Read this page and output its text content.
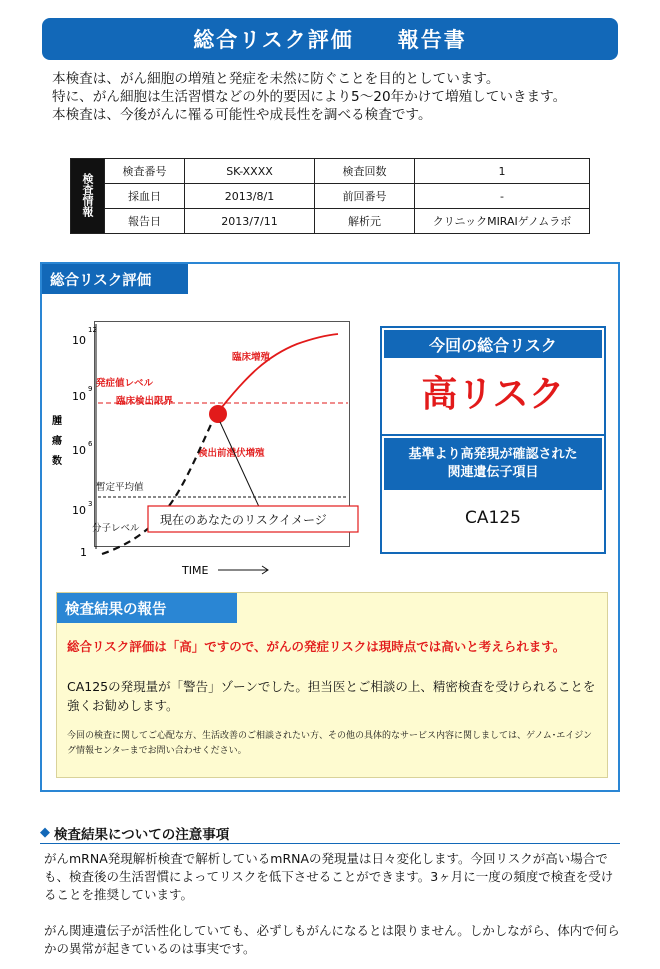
総合リスク評価 報告書
本検査は、がん細胞の増殖と発症を未然に防ぐことを目的としています。
特に、がん細胞は生活習慣などの外的要因により5～20年かけて増殖していきます。
本検査は、今後がんに罹る可能性や成長性を調べる検査です。
検査情報	検査番号	SK-XXXX	検査回数	1
	採血日	2013/8/1	前回番号	-
	報告日	2013/7/11	解析元	クリニックMIRAIゲノムラボ
総合リスク評価
腫
瘍
数
10
12
10
9
10 6
10 3
1
発症値レベル
臨床検出限界
暫定平均値
分子レベル
臨床増殖
検出前潜伏増殖
現在のあなたのリスクイメージ
TIME
今回の総合リスク
高リスク
基準より高発現が確認された
関連遺伝子項目
CA125
検査結果の報告
総合リスク評価は「高」ですので、がんの発症リスクは現時点では高いと考えられます。
CA125の発現量が「警告」ゾーンでした。担当医とご相談の上、精密検査を受けられることを強くお勧めします。
今回の検査に関してご心配な方、生活改善のご相談されたい方、その他の具体的なサービス内容に関しましては、ゲノム･エイジング情報センターまでお問い合わせください。
◆ 検査結果についての注意事項

がんmRNA発現解析検査で解析しているmRNAの発現量は日々変化します。今回リスクが高い場合でも、検査後の生活習慣によってリスクを低下させることができます。3ヶ月に一度の頻度で検査を受けることを推奨しています。

がん関連遺伝子が活性化していても、必ずしもがんになるとは限りません。しかしながら、体内で何らかの異常が起きているのは事実です。
